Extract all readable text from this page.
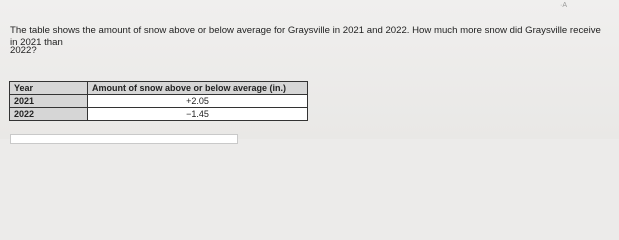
·A
The table shows the amount of snow above or below average for Graysville in 2021 and 2022. How much more snow did Graysville receive in 2021 than
2022?
Year	Amount of snow above or below average (in.)
2021	+2.05
2022	−1.45
